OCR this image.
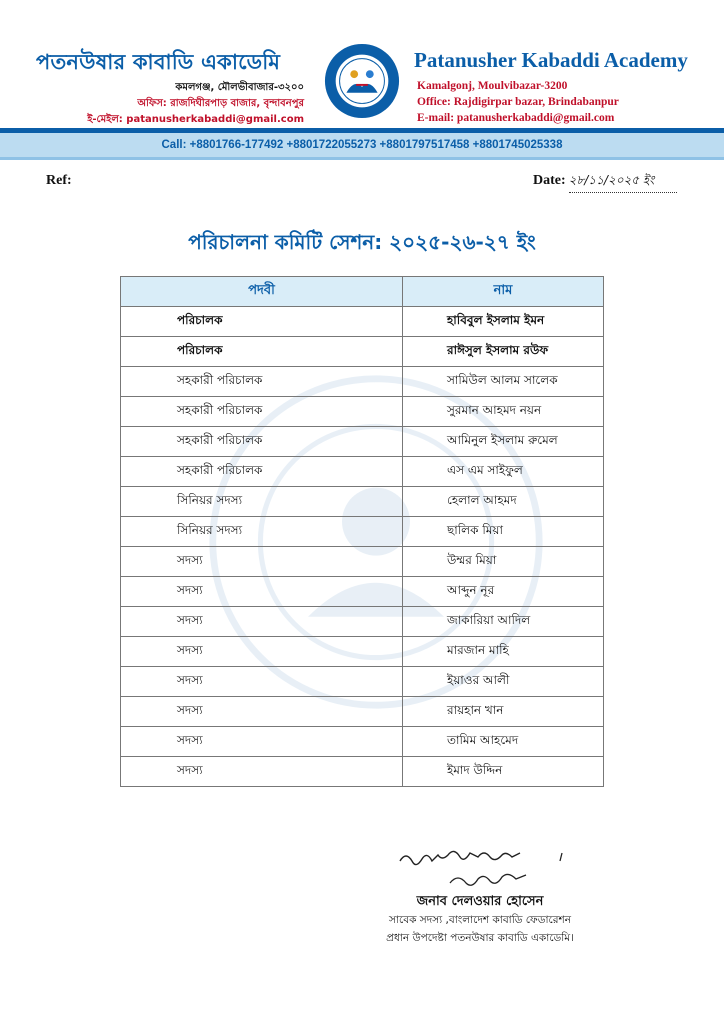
পতনউষার কাবাডি একাডেমি
কমলগঞ্জ, মৌলভীবাজার-৩২০০
অফিস: রাজদিঘীরপাড় বাজার, বৃন্দাবনপুর
ই-মেইল: patanusherkabaddi@gmail.com
Patanusher Kabaddi Academy
Kamalgonj, Moulvibazar-3200
Office: Rajdigirpar bazar, Brindabanpur
E-mail: patanusherkabaddi@gmail.com
Call: +8801766-177492 +8801722055273 +8801797517458 +8801745025338
Ref:	Date: ২৮/১১/২০২৫ ইং
পরিচালনা কমিটি সেশন: ২০২৫-২৬-২৭ ইং
পদবী	নাম
পরিচালক	হাবিবুল ইসলাম ইমন
পরিচালক	রাঈসুল ইসলাম রউফ
সহকারী পরিচালক	সামিউল আলম সালেক
সহকারী পরিচালক	সুরমান আহমদ নয়ন
সহকারী পরিচালক	আমিনুল ইসলাম রুমেল
সহকারী পরিচালক	এস এম সাইফুল
সিনিয়র সদস্য	হেলাল আহমদ
সিনিয়র সদস্য	ছালিক মিয়া
সদস্য	উম্মর মিয়া
সদস্য	আব্দুন নূর
সদস্য	জাকারিয়া আদিল
সদস্য	মারজান মাহি
সদস্য	ইয়াওর আলী
সদস্য	রায়হান খান
সদস্য	তামিম আহমেদ
সদস্য	ইমাদ উদ্দিন
জনাব দেলওয়ার হোসেন
সাবেক সদস্য ,বাংলাদেশ কাবাডি ফেডারেশন
প্রধান উপদেষ্টা পতনউষার কাবাডি একাডেমি।
